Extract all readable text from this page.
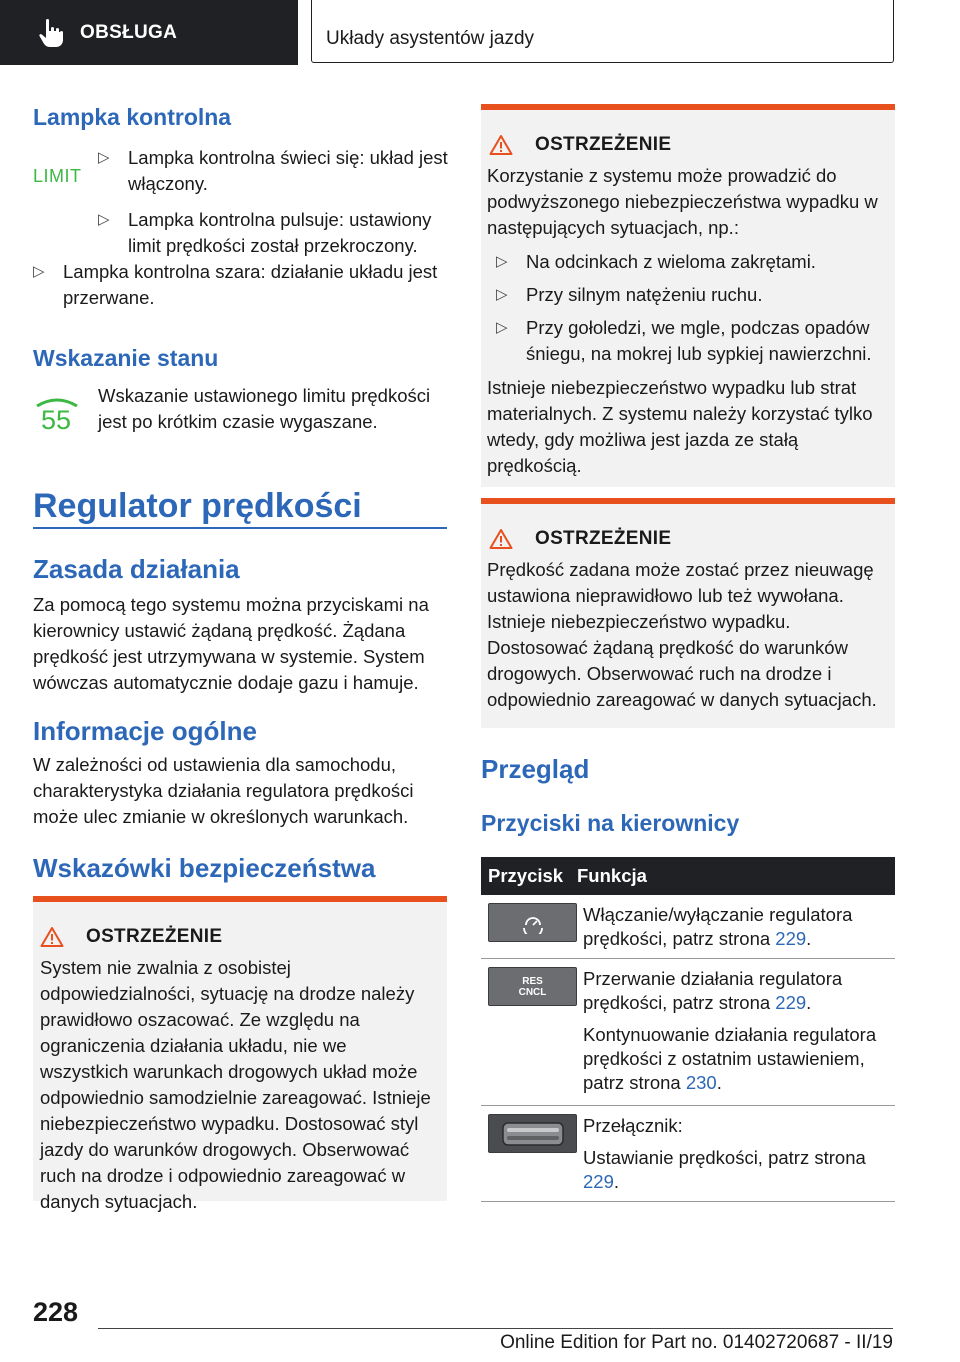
OBSŁUGA	Układy asystentów jazdy
Lampka kontrolna
LIMIT
▷ Lampka kontrolna świeci się: układ jest włączony.
▷ Lampka kontrolna pulsuje: ustawiony limit prędkości został przekroczony.
▷ Lampka kontrolna szara: działanie układu jest przerwane.
Wskazanie stanu
55
Wskazanie ustawionego limitu prędkości jest po krótkim czasie wygaszane.
Regulator prędkości
Zasada działania
Za pomocą tego systemu można przyciskami na kierownicy ustawić żądaną prędkość. Żądana prędkość jest utrzymywana w systemie. System wówczas automatycznie dodaje gazu i hamuje.
Informacje ogólne
W zależności od ustawienia dla samochodu, charakterystyka działania regulatora prędkości może ulec zmianie w określonych warunkach.
Wskazówki bezpieczeństwa
OSTRZEŻENIE
System nie zwalnia z osobistej odpowiedzialności, sytuację na drodze należy prawidłowo oszacować. Ze względu na ograniczenia działania układu, nie we wszystkich warunkach drogowych układ może odpowiednio samodzielnie zareagować. Istnieje niebezpieczeństwo wypadku. Dostosować styl jazdy do warunków drogowych. Obserwować ruch na drodze i odpowiednio zareagować w danych sytuacjach.
OSTRZEŻENIE
Korzystanie z systemu może prowadzić do podwyższonego niebezpieczeństwa wypadku w następujących sytuacjach, np.:
▷ Na odcinkach z wieloma zakrętami.
▷ Przy silnym natężeniu ruchu.
▷ Przy gołoledzi, we mgle, podczas opadów śniegu, na mokrej lub sypkiej nawierzchni.
Istnieje niebezpieczeństwo wypadku lub strat materialnych. Z systemu należy korzystać tylko wtedy, gdy możliwa jest jazda ze stałą prędkością.
OSTRZEŻENIE
Prędkość zadana może zostać przez nieuwagę ustawiona nieprawidłowo lub też wywołana. Istnieje niebezpieczeństwo wypadku. Dostosować żądaną prędkość do warunków drogowych. Obserwować ruch na drodze i odpowiednio zareagować w danych sytuacjach.
Przegląd
Przyciski na kierownicy
Przycisk Funkcja

Włączanie/wyłączanie regulatora prędkości, patrz strona 229.

RES
CNCL

Przerwanie działania regulatora prędkości, patrz strona 229.

Kontynuowanie działania regulatora prędkości z ostatnim ustawieniem, patrz strona 230.

Przełącznik:

Ustawianie prędkości, patrz strona 229.

228
Online Edition for Part no. 01402720687 - II/19
